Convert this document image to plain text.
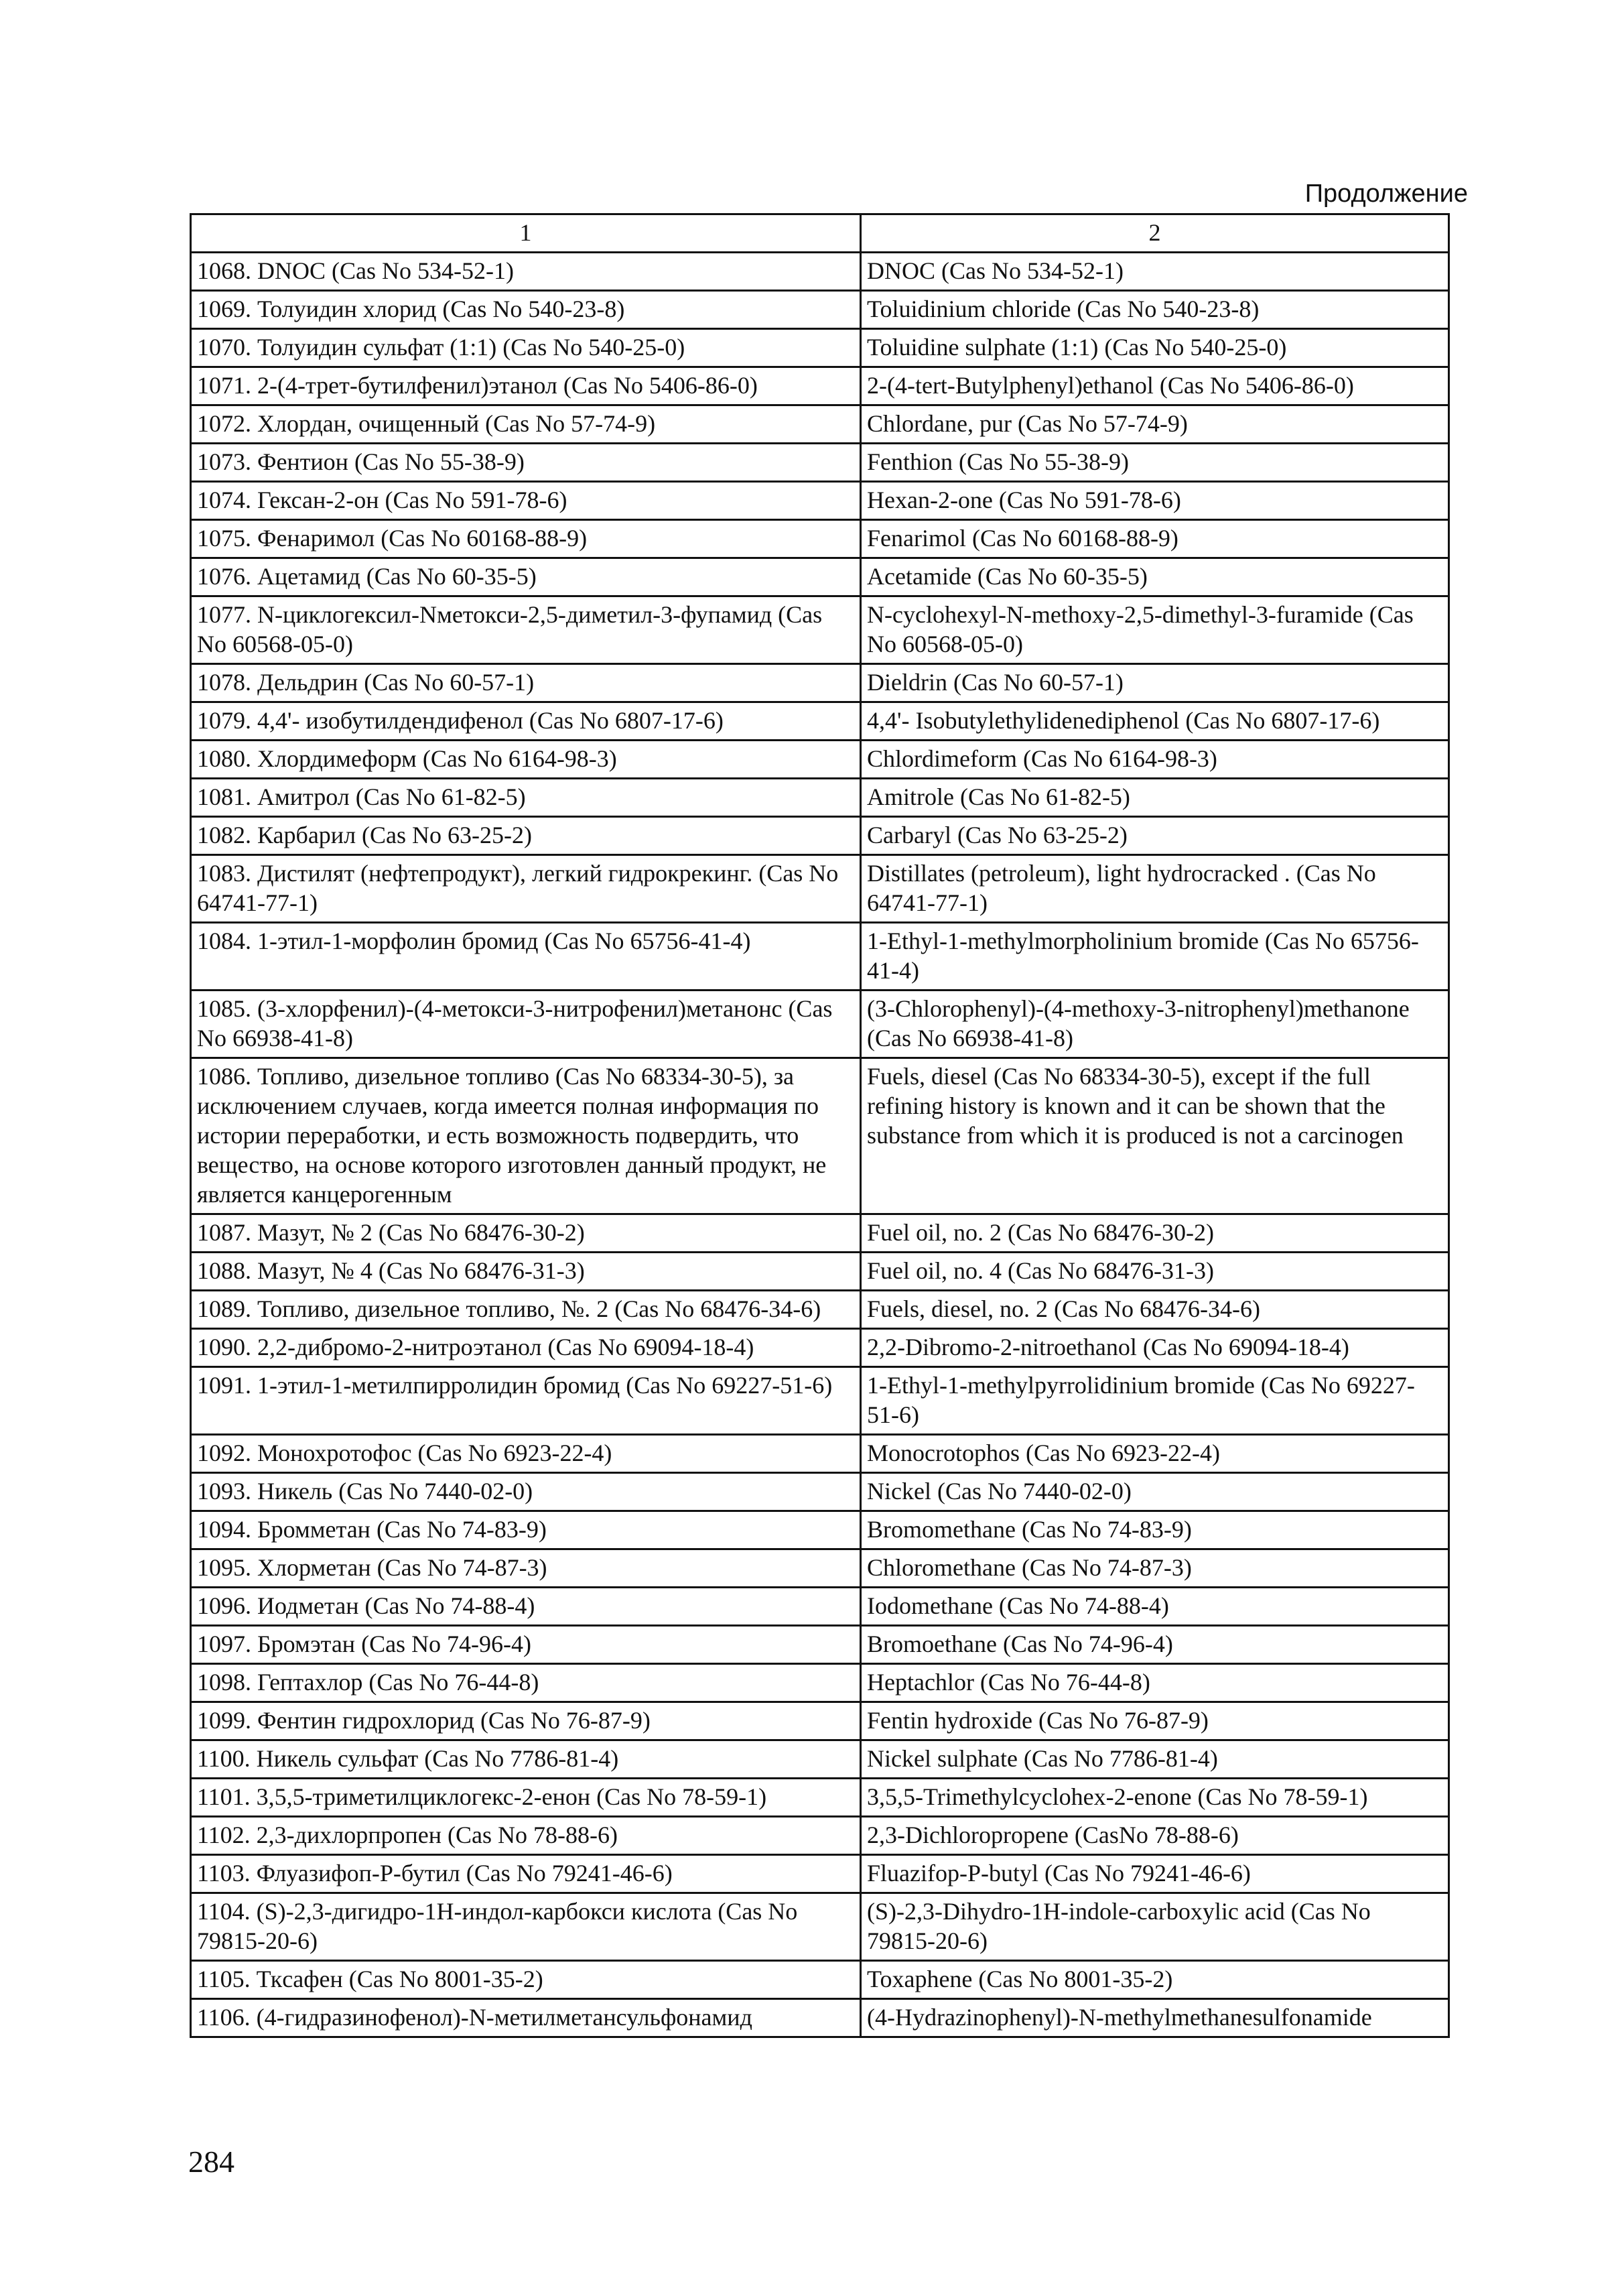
Продолжение
1	2
1068. DNOC (Cas No 534-52-1)	DNOC (Cas No 534-52-1)
1069. Толуидин хлорид (Cas No 540-23-8)	Toluidinium chloride (Cas No 540-23-8)
1070. Толуидин сульфат (1:1) (Cas No 540-25-0)	Toluidine sulphate (1:1) (Cas No 540-25-0)
1071. 2-(4-трет-бутилфенил)этанол (Cas No 5406-86-0)	2-(4-tert-Butylphenyl)ethanol (Cas No 5406-86-0)
1072. Хлордан, очищенный (Cas No 57-74-9)	Chlordane, pur (Cas No 57-74-9)
1073. Фентион (Cas No 55-38-9)	Fenthion (Cas No 55-38-9)
1074. Гексан-2-он (Cas No 591-78-6)	Hexan-2-one (Cas No 591-78-6)
1075. Фенаримол (Cas No 60168-88-9)	Fenarimol (Cas No 60168-88-9)
1076. Ацетамид (Cas No 60-35-5)	Acetamide (Cas No 60-35-5)
1077. N-циклогексил-Nметокси-2,5-диметил-3-фупамид (Cas No 60568-05-0)	N-cyclohexyl-N-methoxy-2,5-dimethyl-3-furamide (Cas No 60568-05-0)
1078. Дельдрин (Cas No 60-57-1)	Dieldrin (Cas No 60-57-1)
1079. 4,4'- изобутилдендифенол (Cas No 6807-17-6)	4,4'- Isobutylethylidenediphenol (Cas No 6807-17-6)
1080. Хлордимеформ (Cas No 6164-98-3)	Chlordimeform (Cas No 6164-98-3)
1081. Амитрол (Cas No 61-82-5)	Amitrole (Cas No 61-82-5)
1082. Карбарил (Cas No 63-25-2)	Carbaryl (Cas No 63-25-2)
1083. Дистилят (нефтепродукт), легкий гидрокрекинг. (Cas No 64741-77-1)	Distillates (petroleum), light hydrocracked . (Cas No 64741-77-1)
1084. 1-этил-1-морфолин бромид (Cas No 65756-41-4)	1-Ethyl-1-methylmorpholinium bromide (Cas No 65756-41-4)
1085. (3-хлорфенил)-(4-метокси-3-нитрофенил)метанонс (Cas No 66938-41-8)	(3-Chlorophenyl)-(4-methoxy-3-nitrophenyl)methanone (Cas No 66938-41-8)
1086. Топливо, дизельное топливо (Cas No 68334-30-5), за исключением случаев, когда имеется полная информация по истории переработки, и есть возможность подвердить, что вещество, на основе которого изготовлен данный продукт, не является канцерогенным	Fuels, diesel (Cas No 68334-30-5), except if the full refining history is known and it can be shown that the substance from which it is produced is not a carcinogen
1087. Мазут, № 2 (Cas No 68476-30-2)	Fuel oil, no. 2 (Cas No 68476-30-2)
1088. Мазут, № 4 (Cas No 68476-31-3)	Fuel oil, no. 4 (Cas No 68476-31-3)
1089. Топливо, дизельное топливо, №. 2 (Cas No 68476-34-6)	Fuels, diesel, no. 2 (Cas No 68476-34-6)
1090. 2,2-дибромо-2-нитроэтанол (Cas No 69094-18-4)	2,2-Dibromo-2-nitroethanol (Cas No 69094-18-4)
1091. 1-этил-1-метилпирролидин бромид (Cas No 69227-51-6)	1-Ethyl-1-methylpyrrolidinium bromide (Cas No 69227-51-6)
1092. Монохротофос (Cas No 6923-22-4)	Monocrotophos (Cas No 6923-22-4)
1093. Никель (Cas No 7440-02-0)	Nickel (Cas No 7440-02-0)
1094. Бромметан (Cas No 74-83-9)	Bromomethane (Cas No 74-83-9)
1095. Хлорметан (Cas No 74-87-3)	Chloromethane (Cas No 74-87-3)
1096. Иодметан (Cas No 74-88-4)	Iodomethane (Cas No 74-88-4)
1097. Бромэтан (Cas No 74-96-4)	Bromoethane (Cas No 74-96-4)
1098. Гептахлор (Cas No 76-44-8)	Heptachlor (Cas No 76-44-8)
1099. Фентин гидрохлорид (Cas No 76-87-9)	Fentin hydroxide (Cas No 76-87-9)
1100. Никель сульфат (Cas No 7786-81-4)	Nickel sulphate (Cas No 7786-81-4)
1101. 3,5,5-триметилциклогекс-2-енон (Cas No 78-59-1)	3,5,5-Trimethylcyclohex-2-enone (Cas No 78-59-1)
1102. 2,3-дихлорпропен (Cas No 78-88-6)	2,3-Dichloropropene (CasNo 78-88-6)
1103. Флуазифоп-Р-бутил (Cas No 79241-46-6)	Fluazifop-P-butyl (Cas No 79241-46-6)
1104. (S)-2,3-дигидро-1H-индол-карбокси кислота (Cas No 79815-20-6)	(S)-2,3-Dihydro-1H-indole-carboxylic acid (Cas No 79815-20-6)
1105. Ткcафен (Cas No 8001-35-2)	Toxaphene (Cas No 8001-35-2)
1106. (4-гидразинофенол)-N-метилметансульфонамид	(4-Hydrazinophenyl)-N-methylmethanesulfonamide
284
